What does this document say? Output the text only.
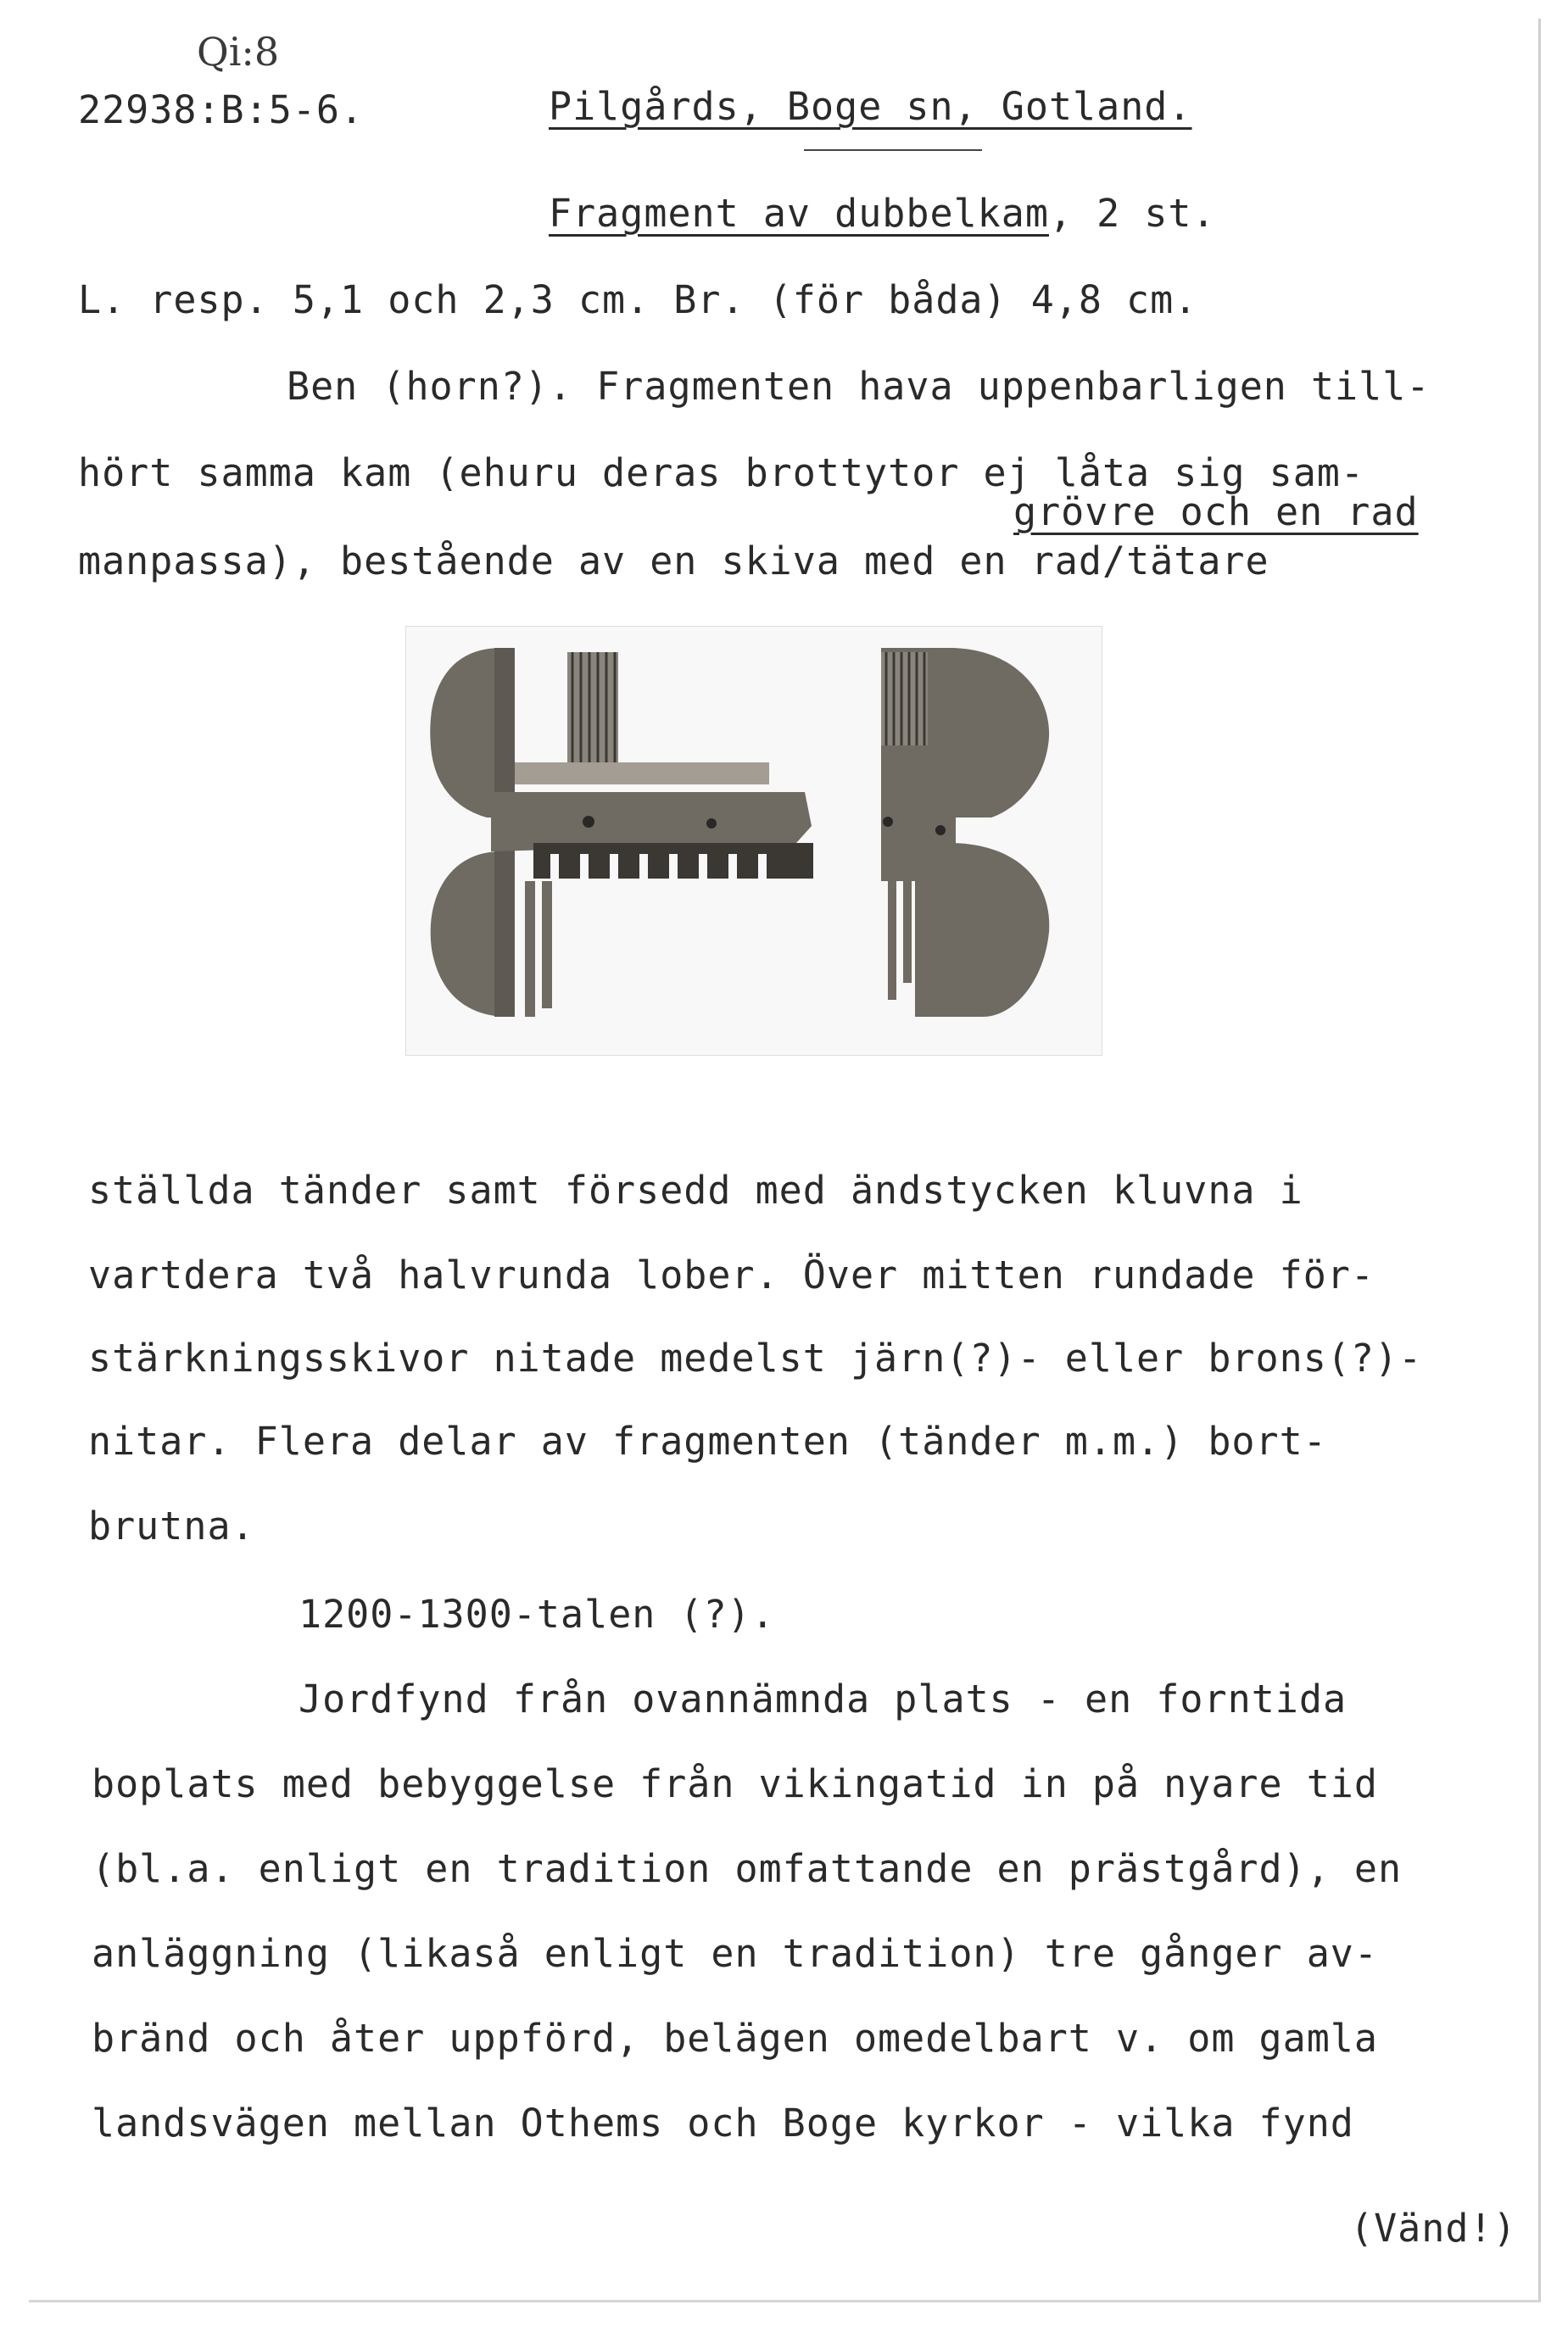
Qi:8
22938:B:5-6.	Pilgårds, Boge sn, Gotland.
Fragment av dubbelkam, 2 st.
L. resp. 5,1 och 2,3 cm. Br. (för båda) 4,8 cm.
Ben (horn?). Fragmenten hava uppenbarligen till-
hört samma kam (ehuru deras brottytor ej låta sig sam-
grövre och en rad
manpassa), bestående av en skiva med en rad/tätare
ställda tänder samt försedd med ändstycken kluvna i
vartdera två halvrunda lober. Över mitten rundade för-
stärkningsskivor nitade medelst järn(?)- eller brons(?)-
nitar. Flera delar av fragmenten (tänder m.m.) bort-
brutna.
1200-1300-talen (?).
Jordfynd från ovannämnda plats - en forntida
boplats med bebyggelse från vikingatid in på nyare tid
(bl.a. enligt en tradition omfattande en prästgård), en
anläggning (likaså enligt en tradition) tre gånger av-
bränd och åter uppförd, belägen omedelbart v. om gamla
landsvägen mellan Othems och Boge kyrkor - vilka fynd
(Vänd!)
